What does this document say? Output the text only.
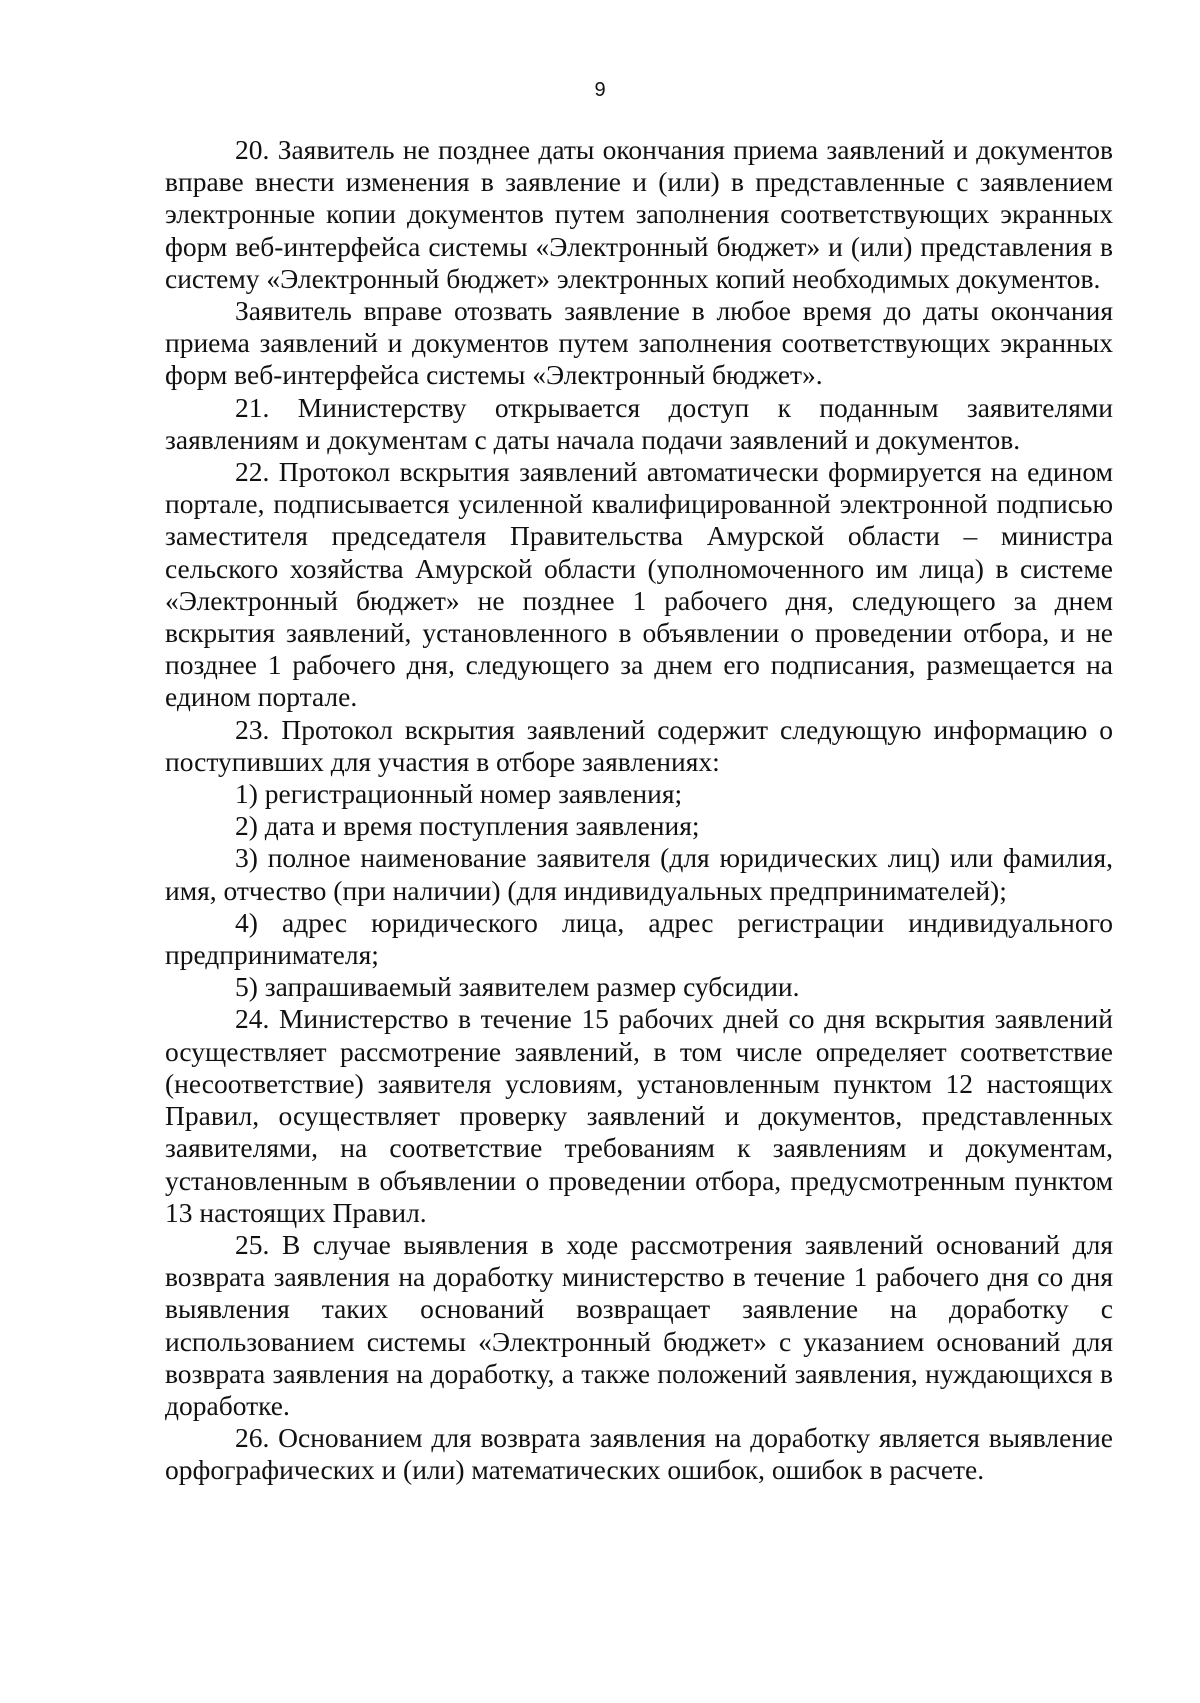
9

20. Заявитель не позднее даты окончания приема заявлений и документов вправе внести изменения в заявление и (или) в представленные с заявлением электронные копии документов путем заполнения соответствующих экранных форм веб-интерфейса системы «Электронный бюджет» и (или) представления в систему «Электронный бюджет» электронных копий необходимых документов.

Заявитель вправе отозвать заявление в любое время до даты окончания приема заявлений и документов путем заполнения соответствующих экранных форм веб-интерфейса системы «Электронный бюджет».

21. Министерству открывается доступ к поданным заявителями заявлениям и документам с даты начала подачи заявлений и документов.

22. Протокол вскрытия заявлений автоматически формируется на едином портале, подписывается усиленной квалифицированной электронной подписью заместителя председателя Правительства Амурской области – министра сельского хозяйства Амурской области (уполномоченного им лица) в системе «Электронный бюджет» не позднее 1 рабочего дня, следующего за днем вскрытия заявлений, установленного в объявлении о проведении отбора, и не позднее 1 рабочего дня, следующего за днем его подписания, размещается на едином портале.

23. Протокол вскрытия заявлений содержит следующую информацию о поступивших для участия в отборе заявлениях:

1) регистрационный номер заявления;

2) дата и время поступления заявления;

3) полное наименование заявителя (для юридических лиц) или фамилия, имя, отчество (при наличии) (для индивидуальных предпринимателей);

4) адрес юридического лица, адрес регистрации индивидуального предпринимателя;

5) запрашиваемый заявителем размер субсидии.

24. Министерство в течение 15 рабочих дней со дня вскрытия заявлений осуществляет рассмотрение заявлений, в том числе определяет соответствие (несоответствие) заявителя условиям, установленным пунктом 12 настоящих Правил, осуществляет проверку заявлений и документов, представленных заявителями, на соответствие требованиям к заявлениям и документам, установленным в объявлении о проведении отбора, предусмотренным пунктом 13 настоящих Правил.

25. В случае выявления в ходе рассмотрения заявлений оснований для возврата заявления на доработку министерство в течение 1 рабочего дня со дня выявления таких оснований возвращает заявление на доработку с использованием системы «Электронный бюджет» с указанием оснований для возврата заявления на доработку, а также положений заявления, нуждающихся в доработке.

26. Основанием для возврата заявления на доработку является выявление орфографических и (или) математических ошибок, ошибок в расчете.
